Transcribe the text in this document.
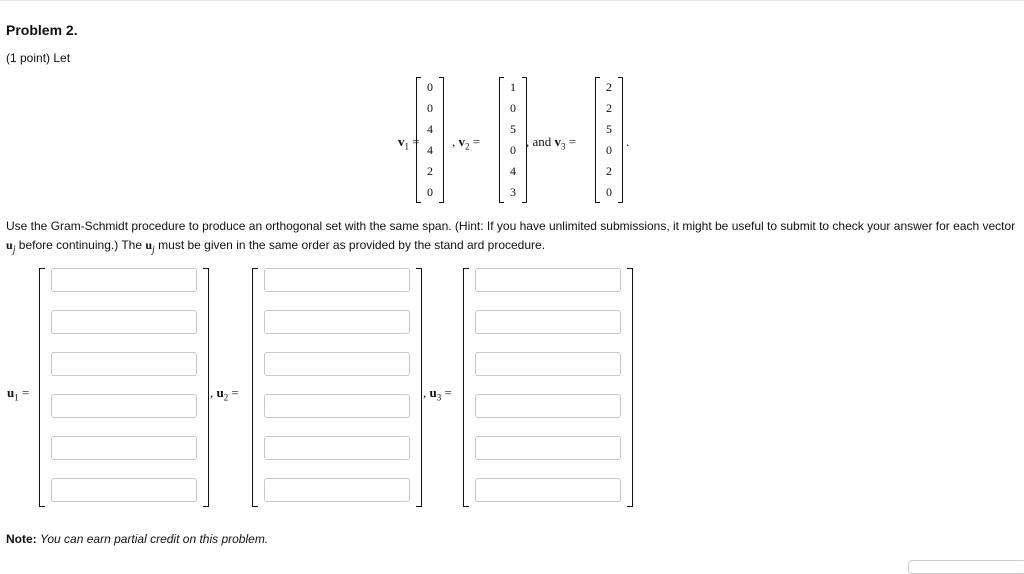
Problem 2.
(1 point) Let
$v_1$ =
0
0
4
4
2
0
, $v_2$ =
1
0
5
0
4
3
, and $v_3$ =
2
2
5
0
2
0
.
Use the Gram-Schmidt procedure to produce an orthogonal set with the same span. (Hint: If you have unlimited submissions, it might be useful to submit to check your answer for each vector $u_j$ before continuing.) The $u_j$ must be given in the same order as provided by the stand ard procedure.
$u_1$ =	, $u_2$ =	, $u_3$ =
Note: You can earn partial credit on this problem.
